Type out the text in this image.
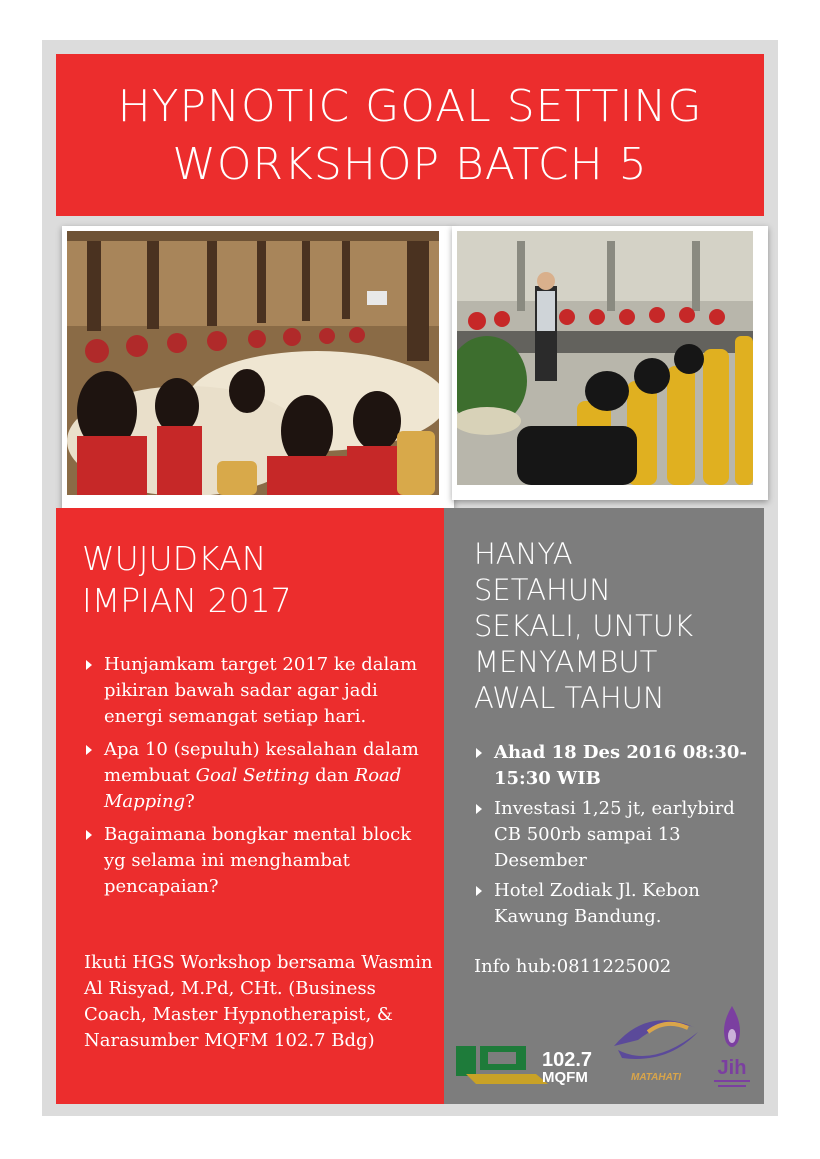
HYPNOTIC GOAL SETTING
WORKSHOP BATCH 5
WUJUDKAN
IMPIAN 2017
Hunjamkam target 2017 ke dalam pikiran bawah sadar agar jadi energi semangat setiap hari.
Apa 10 (sepuluh) kesalahan dalam membuat Goal Setting dan Road Mapping?
Bagaimana bongkar mental block yg selama ini menghambat pencapaian?
Ikuti HGS Workshop bersama Wasmin Al Risyad, M.Pd, CHt. (Business Coach, Master Hypnotherapist, & Narasumber MQFM 102.7 Bdg)
HANYA
SETAHUN
SEKALI, UNTUK
MENYAMBUT
AWAL TAHUN
Ahad 18 Des 2016 08:30-15:30 WIB
Investasi 1,25 jt, earlybird CB 500rb sampai 13 Desember
Hotel Zodiak Jl. Kebon Kawung Bandung.
Info hub:0811225002
102.7
MQFM	MATAHATI Jih
